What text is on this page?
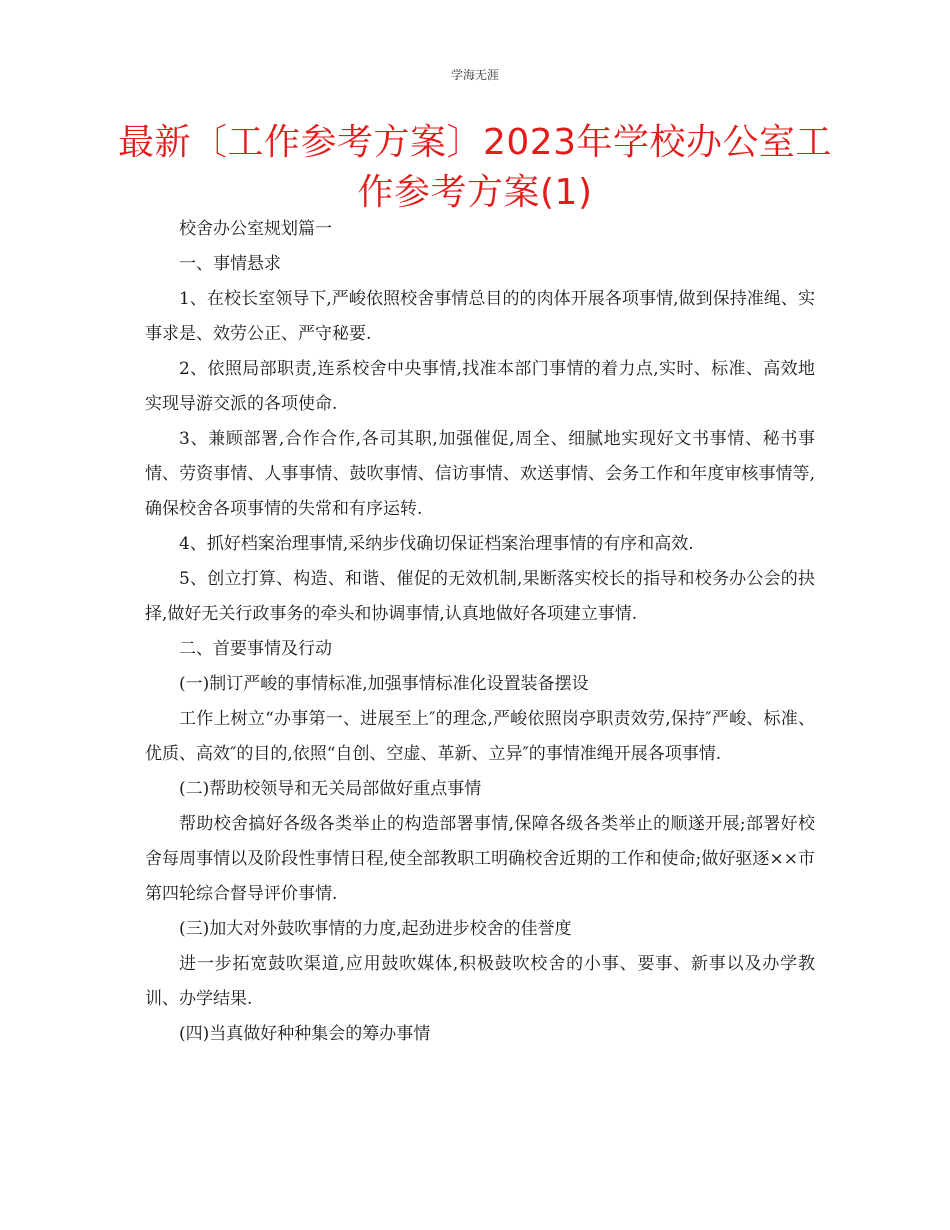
学海无涯
最新〔工作参考方案〕2023年学校办公室工作参考方案(1)

校舍办公室规划篇一

一、事情悬求

1、在校长室领导下,严峻依照校舍事情总目的的肉体开展各项事情,做到保持准绳、实事求是、效劳公正、严守秘要.

2、依照局部职责,连系校舍中央事情,找准本部门事情的着力点,实时、标准、高效地实现导游交派的各项使命.

3、兼顾部署,合作合作,各司其职,加强催促,周全、细腻地实现好文书事情、秘书事情、劳资事情、人事事情、鼓吹事情、信访事情、欢送事情、会务工作和年度审核事情等,确保校舍各项事情的失常和有序运转.

4、抓好档案治理事情,采纳步伐确切保证档案治理事情的有序和高效.

5、创立打算、构造、和谐、催促的无效机制,果断落实校长的指导和校务办公会的抉择,做好无关行政事务的牵头和协调事情,认真地做好各项建立事情.

二、首要事情及行动

(一)制订严峻的事情标准,加强事情标准化设置装备摆设

工作上树立“办事第一、进展至上″的理念,严峻依照岗亭职责效劳,保持″严峻、标准、优质、高效″的目的,依照“自创、空虚、革新、立异″的事情准绳开展各项事情.

(二)帮助校领导和无关局部做好重点事情

帮助校舍搞好各级各类举止的构造部署事情,保障各级各类举止的顺遂开展;部署好校舍每周事情以及阶段性事情日程,使全部教职工明确校舍近期的工作和使命;做好驱逐××市第四轮综合督导评价事情.

(三)加大对外鼓吹事情的力度,起劲进步校舍的佳誉度

进一步拓宽鼓吹渠道,应用鼓吹媒体,积极鼓吹校舍的小事、要事、新事以及办学教训、办学结果.

(四)当真做好种种集会的筹办事情
